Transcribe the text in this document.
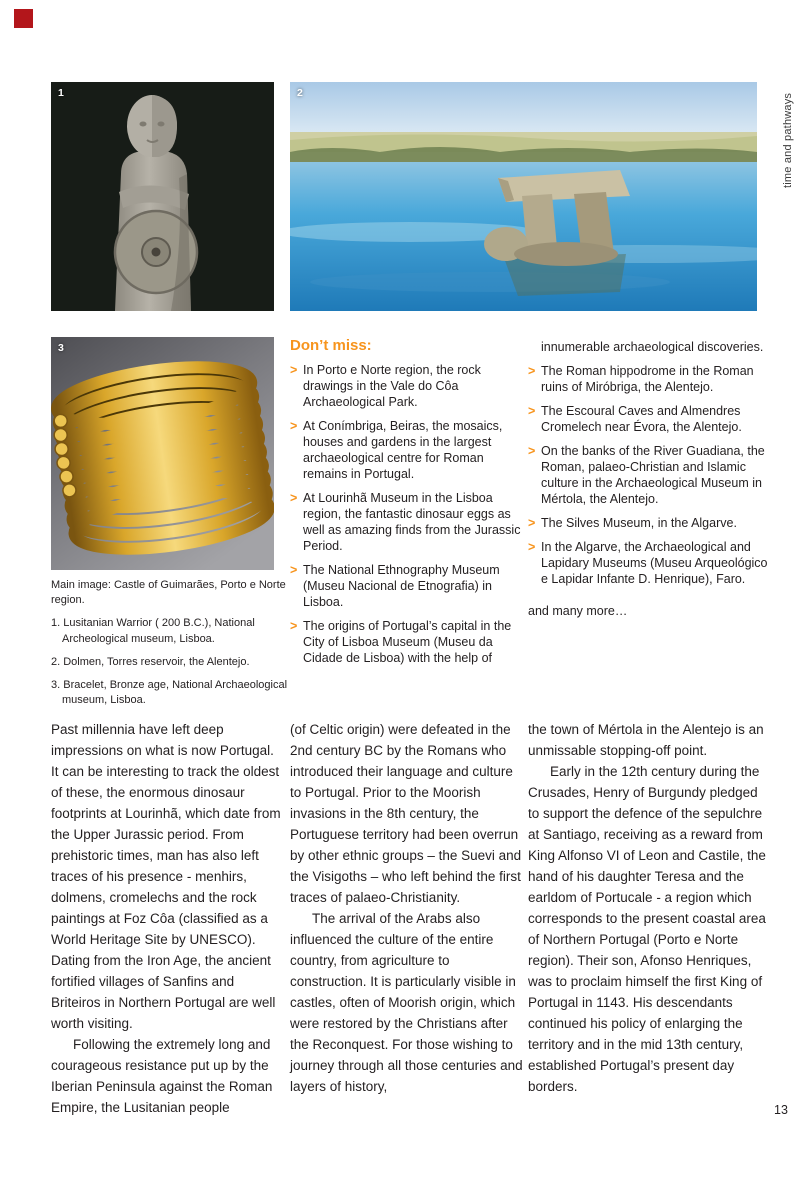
time and pathways
1	2
3

Main image: Castle of Guimarães, Porto e Norte region.

1. Lusitanian Warrior ( 200 B.C.), National Archeological museum, Lisboa.

2. Dolmen, Torres reservoir, the Alentejo.

3. Bracelet, Bronze age, National Archaeological museum, Lisboa.

Don’t miss:
> In Porto e Norte region, the rock drawings in the Vale do Côa Archaeological Park.
> At Conímbriga, Beiras, the mosaics, houses and gardens in the largest archaeological centre for Roman remains in Portugal.
> At Lourinhã Museum in the Lisboa region, the fantastic dinosaur eggs as well as amazing finds from the Jurassic Period.
> The National Ethnography Museum (Museu Nacional de Etnografia) in Lisboa.
> The origins of Portugal’s capital in the City of Lisboa Museum (Museu da Cidade de Lisboa) with the help of

innumerable archaeological discoveries.

> The Roman hippodrome in the Roman ruins of Miróbriga, the Alentejo.
> The Escoural Caves and Almendres Cromelech near Évora, the Alentejo.
> On the banks of the River Guadiana, the Roman, palaeo-Christian and Islamic culture in the Archaeological Museum in Mértola, the Alentejo.
> The Silves Museum, in the Algarve.
> In the Algarve, the Archaeological and Lapidary Museums (Museu Arqueológico e Lapidar Infante D. Henrique), Faro.

and many more…

Past millennia have left deep impressions on what is now Portugal. It can be interesting to track the oldest of these, the enormous dinosaur footprints at Lourinhã, which date from the Upper Jurassic period. From prehistoric times, man has also left traces of his presence - menhirs, dolmens, cromelechs and the rock paintings at Foz Côa (classified as a World Heritage Site by UNESCO). Dating from the Iron Age, the ancient fortified villages of Sanfins and Briteiros in Northern Portugal are well worth visiting.

Following the extremely long and courageous resistance put up by the Iberian Peninsula against the Roman Empire, the Lusitanian people

(of Celtic origin) were defeated in the 2nd century BC by the Romans who introduced their language and culture to Portugal. Prior to the Moorish invasions in the 8th century, the Portuguese territory had been overrun by other ethnic groups – the Suevi and the Visigoths – who left behind the first traces of palaeo-Christianity.

The arrival of the Arabs also influenced the culture of the entire country, from agriculture to construction. It is particularly visible in castles, often of Moorish origin, which were restored by the Christians after the Reconquest. For those wishing to journey through all those centuries and layers of history,

the town of Mértola in the Alentejo is an unmissable stopping-off point.

Early in the 12th century during the Crusades, Henry of Burgundy pledged to support the defence of the sepulchre at Santiago, receiving as a reward from King Alfonso VI of Leon and Castile, the hand of his daughter Teresa and the earldom of Portucale - a region which corresponds to the present coastal area of Northern Portugal (Porto e Norte region). Their son, Afonso Henriques, was to proclaim himself the first King of Portugal in 1143. His descendants continued his policy of enlarging the territory and in the mid 13th century, established Portugal’s present day borders.

13
